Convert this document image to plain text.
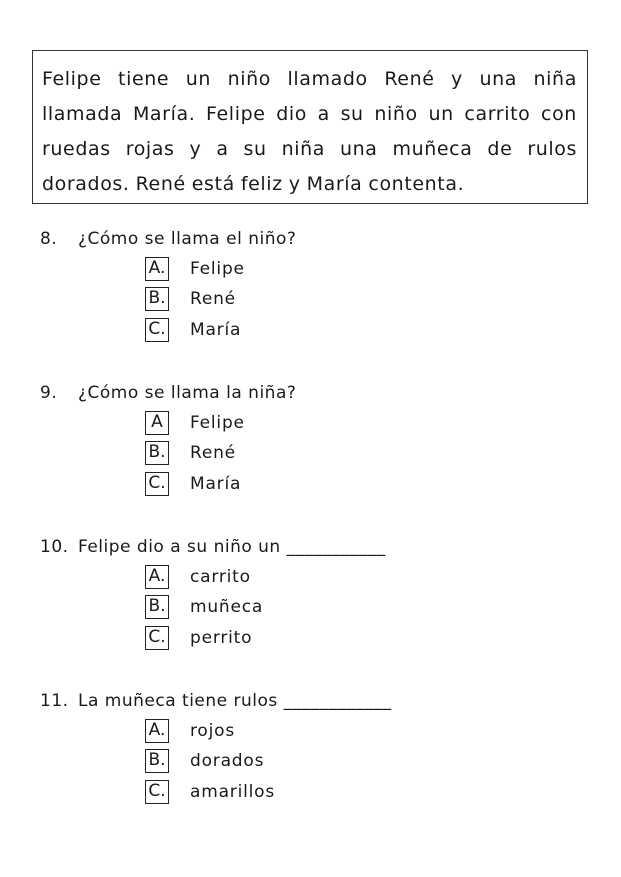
Felipe tiene un niño llamado René y una niña
llamada María. Felipe dio a su niño un carrito con
ruedas rojas y a su niña una muñeca de rulos
dorados. René está feliz y María contenta.
8. ¿Cómo se llama el niño?
A. Felipe
B. René
C. María
9. ¿Cómo se llama la niña?
A	Felipe
B. René
C. María
10. Felipe dio a su niño un ___________
A. carrito
B. muñeca
C. perrito
11. La muñeca tiene rulos ____________
A. rojos
B. dorados
C. amarillos
